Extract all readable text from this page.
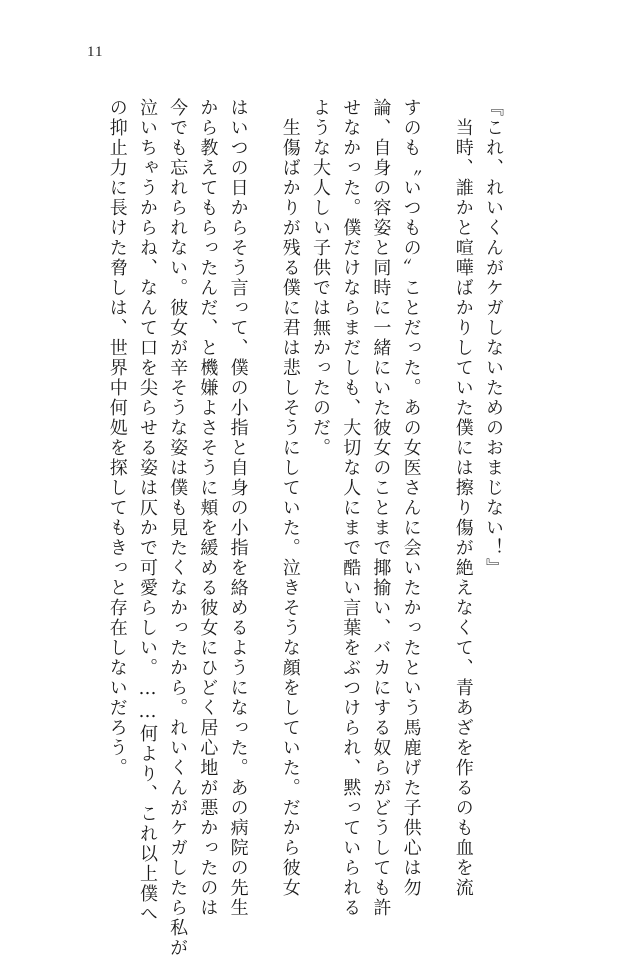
11
『これ、れいくんがケガしないためのおまじない！』
　当時、誰かと喧嘩ばかりしていた僕には擦り傷が絶えなくて、青あざを作るのも血を流
すのも〝いつもの〟ことだった。あの女医さんに会いたかったという馬鹿げた子供心は勿
論、自身の容姿と同時に一緒にいた彼女のことまで揶揄い、バカにする奴らがどうしても許
せなかった。僕だけならまだしも、大切な人にまで酷い言葉をぶつけられ、黙っていられる
ような大人しい子供では無かったのだ。
　生傷ばかりが残る僕に君は悲しそうにしていた。泣きそうな顔をしていた。だから彼女
はいつの日からそう言って、僕の小指と自身の小指を絡めるようになった。あの病院の先生
から教えてもらったんだ、と機嫌よさそうに頬を緩める彼女にひどく居心地が悪かったのは
今でも忘れられない。彼女が辛そうな姿は僕も見たくなかったから。れいくんがケガしたら私が
泣いちゃうからね、なんて口を尖らせる姿は仄かで可愛らしい。……何より、これ以上僕へ
の抑止力に長けた脅しは、世界中何処を探してもきっと存在しないだろう。
